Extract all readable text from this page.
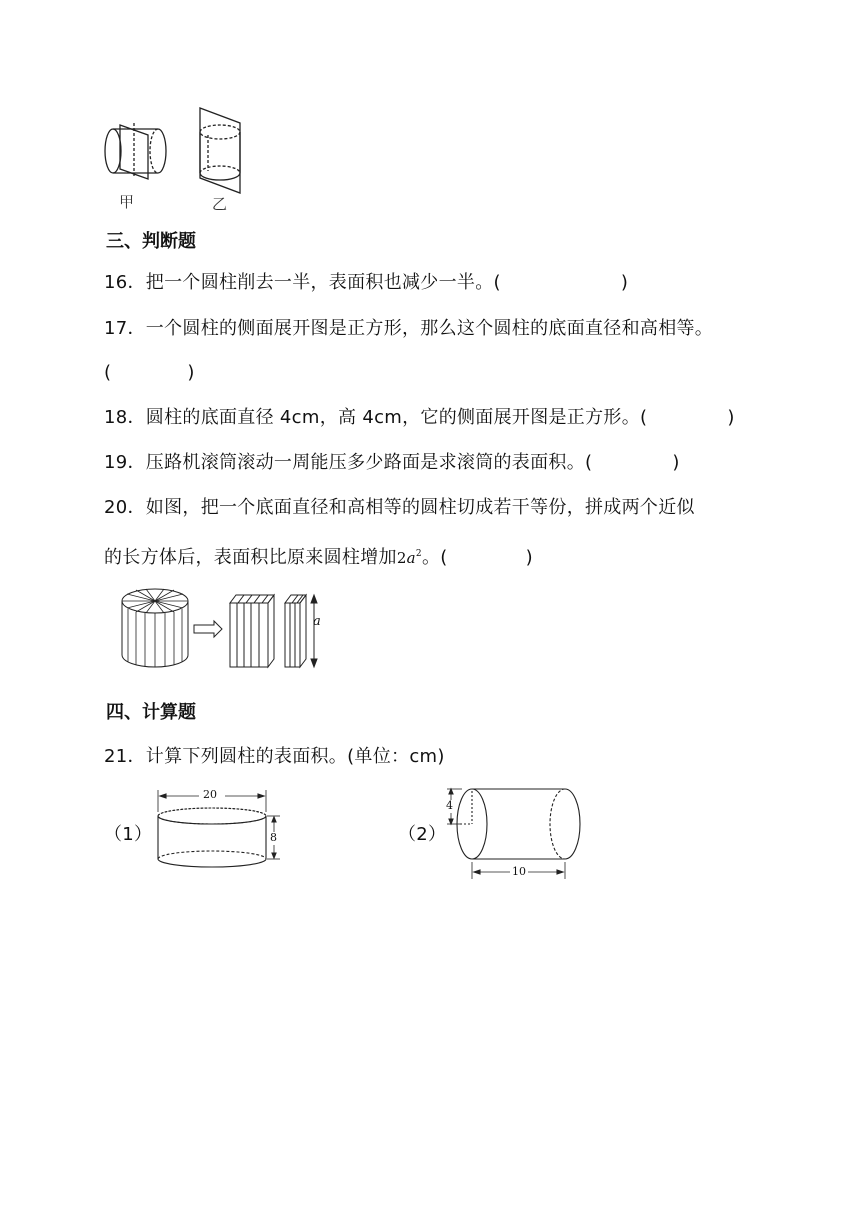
甲	乙
三、判断题
16．把一个圆柱削去一半，表面积也减少一半。(	)
17．一个圆柱的侧面展开图是正方形，那么这个圆柱的底面直径和高相等。
(	)
18．圆柱的底面直径 4cm，高 4cm，它的侧面展开图是正方形。(	)
19．压路机滚筒滚动一周能压多少路面是求滚筒的表面积。(	)
20．如图，把一个底面直径和高相等的圆柱切成若干等份，拼成两个近似
的长方体后，表面积比原来圆柱增加$2a^2$。(	)
a
四、计算题
21．计算下列圆柱的表面积。(单位：cm)
（1）
20
8	（2）
4
10
